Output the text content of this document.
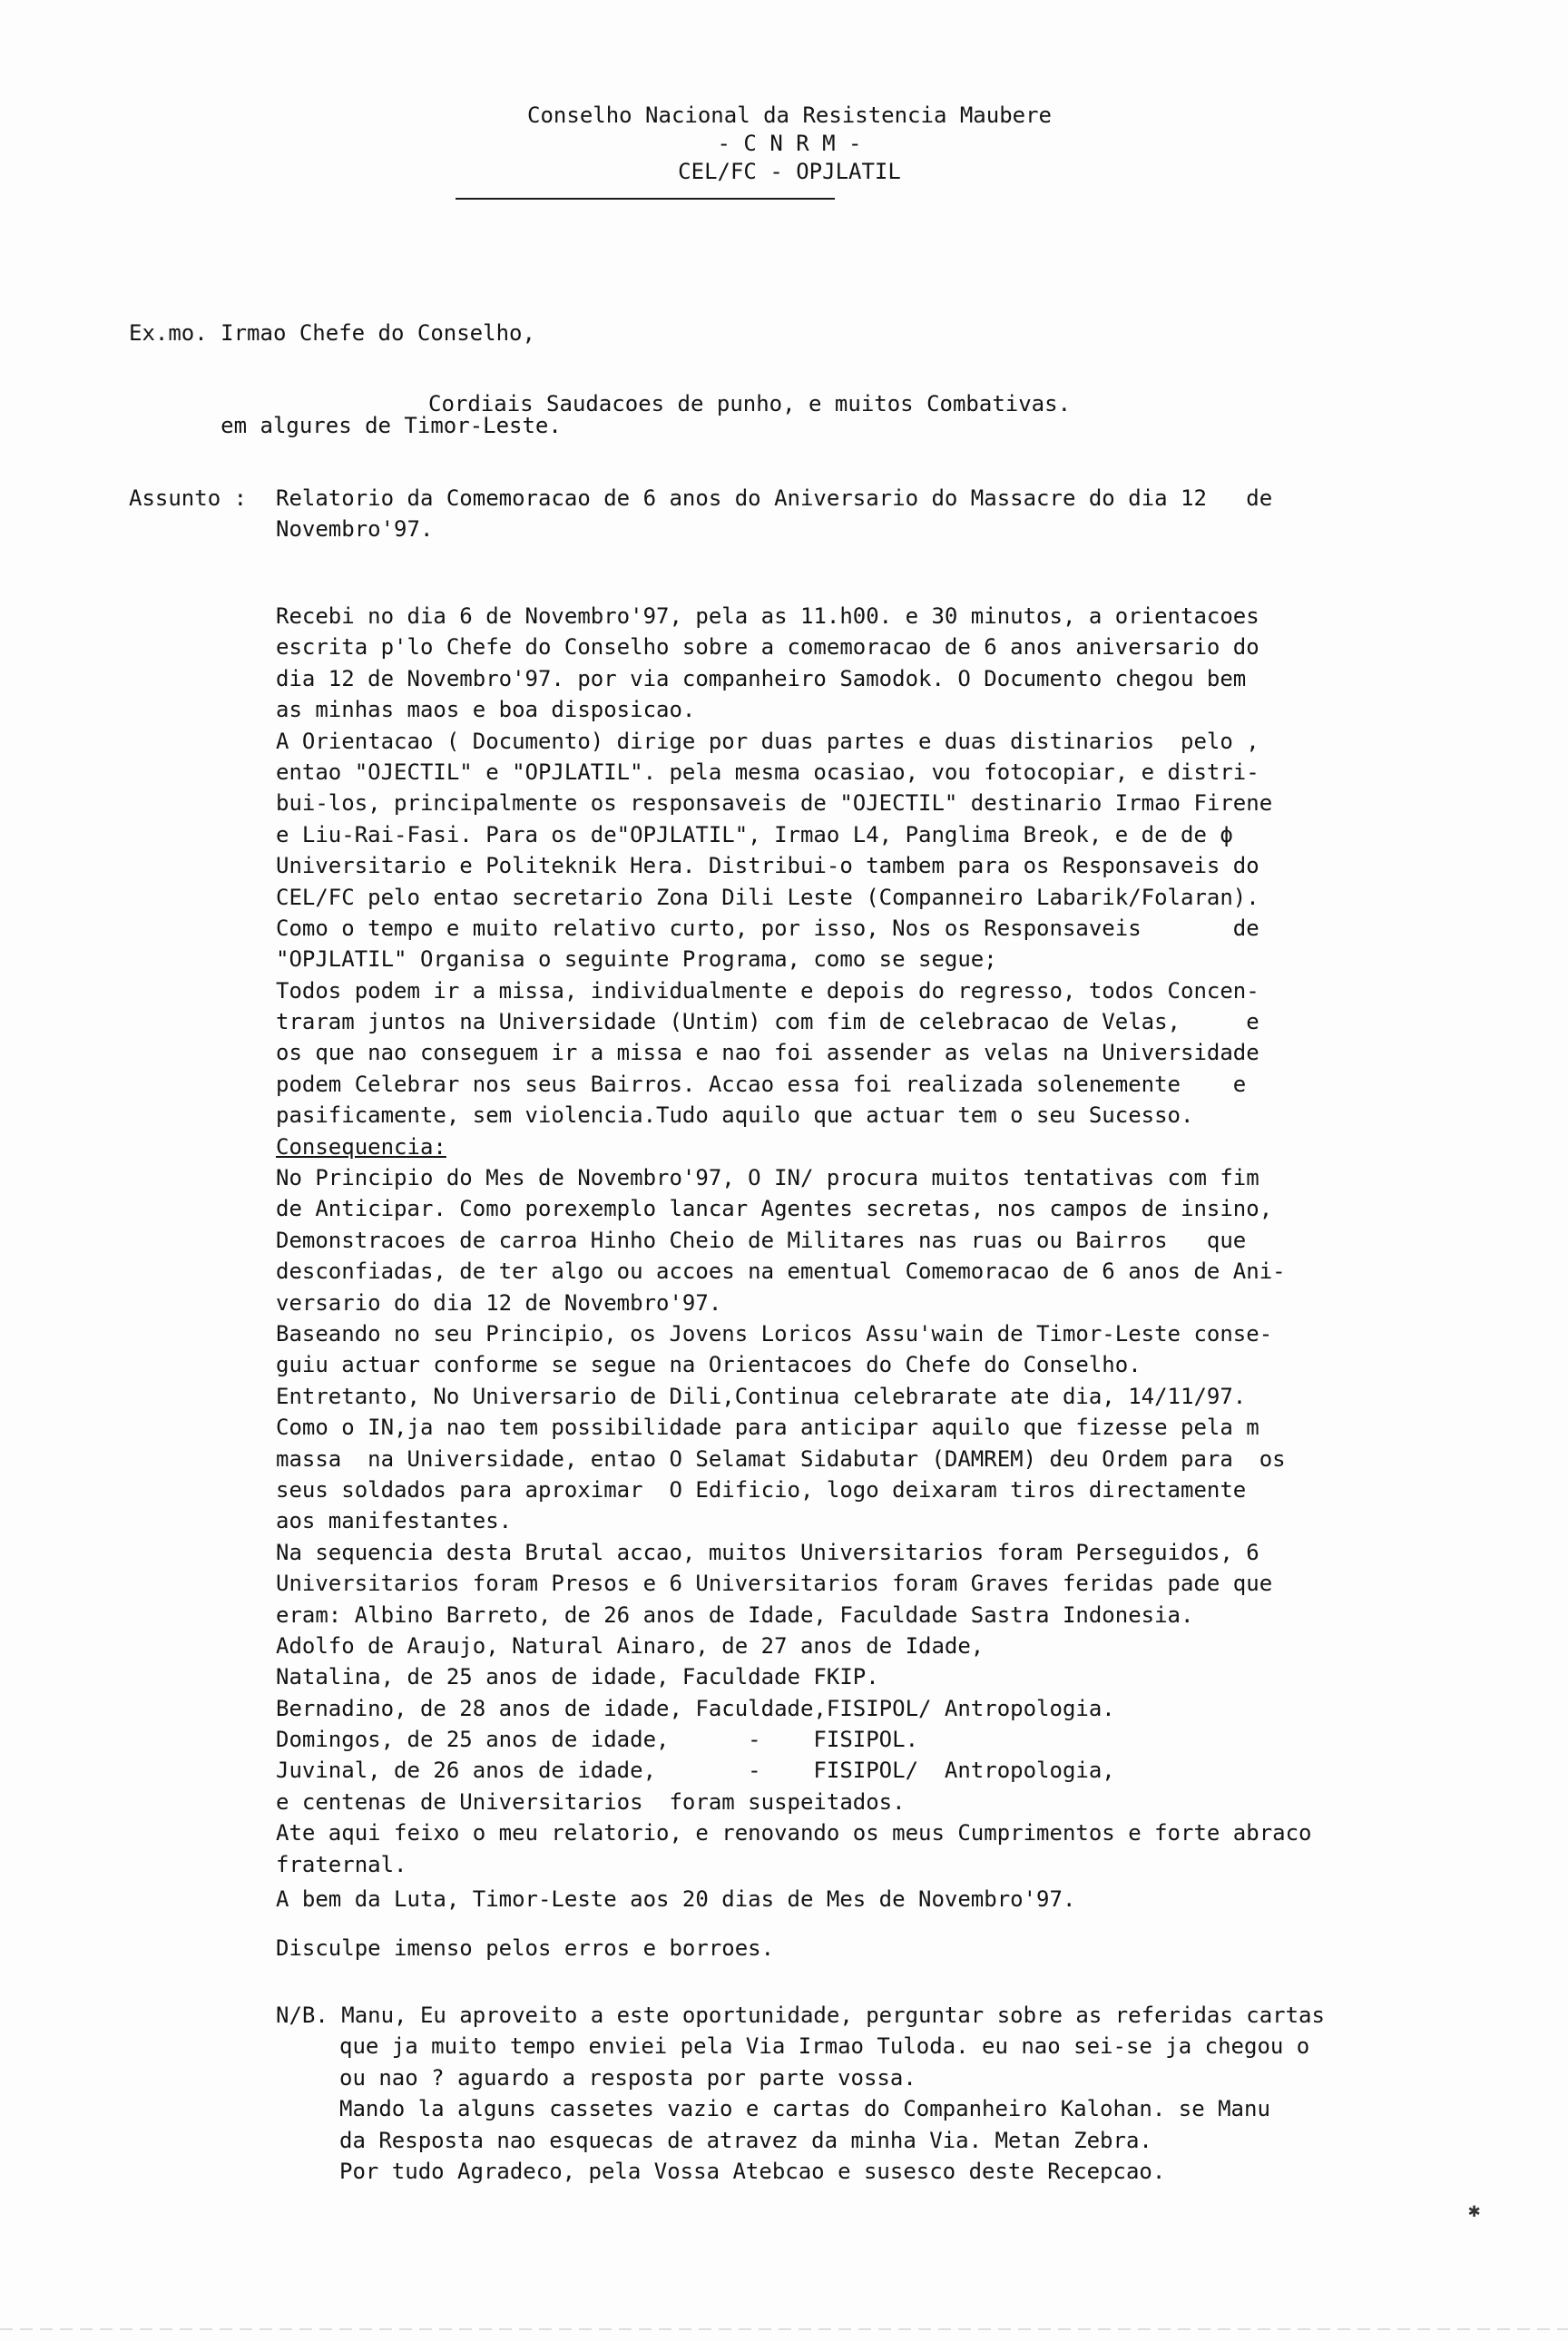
Conselho Nacional da Resistencia Maubere
- C N R M -
CEL/FC - OPJLATIL

Ex.mo. Irmao Chefe do Conselho,

em algures de Timor-Leste.

Cordiais Saudacoes de punho, e muitos Combativas.
Assunto : Relatorio da Comemoracao de 6 anos do Aniversario do Massacre do dia 12   de
Novembro'97.
Recebi no dia 6 de Novembro'97, pela as 11.h00. e 30 minutos, a orientacoes
escrita p'lo Chefe do Conselho sobre a comemoracao de 6 anos aniversario do
dia 12 de Novembro'97. por via companheiro Samodok. O Documento chegou bem
as minhas maos e boa disposicao.
A Orientacao ( Documento) dirige por duas partes e duas distinarios  pelo ,
entao "OJECTIL" e "OPJLATIL". pela mesma ocasiao, vou fotocopiar, e distri-
bui-los, principalmente os responsaveis de "OJECTIL" destinario Irmao Firene
e Liu-Rai-Fasi. Para os de"OPJLATIL", Irmao L4, Panglima Breok, e de de ϕ
Universitario e Politeknik Hera. Distribui-o tambem para os Responsaveis do
CEL/FC pelo entao secretario Zona Dili Leste (Companneiro Labarik/Folaran).
Como o tempo e muito relativo curto, por isso, Nos os Responsaveis       de
"OPJLATIL" Organisa o seguinte Programa, como se segue;
Todos podem ir a missa, individualmente e depois do regresso, todos Concen-
traram juntos na Universidade (Untim) com fim de celebracao de Velas,     e
os que nao conseguem ir a missa e nao foi assender as velas na Universidade
podem Celebrar nos seus Bairros. Accao essa foi realizada solenemente    e
pasificamente, sem violencia.Tudo aquilo que actuar tem o seu Sucesso.
Consequencia:
No Principio do Mes de Novembro'97, O IN/ procura muitos tentativas com fim
de Anticipar. Como porexemplo lancar Agentes secretas, nos campos de insino,
Demonstracoes de carroa Hinho Cheio de Militares nas ruas ou Bairros   que
desconfiadas, de ter algo ou accoes na ementual Comemoracao de 6 anos de Ani-
versario do dia 12 de Novembro'97.
Baseando no seu Principio, os Jovens Loricos Assu'wain de Timor-Leste conse-
guiu actuar conforme se segue na Orientacoes do Chefe do Conselho.
Entretanto, No Universario de Dili,Continua celebrarate ate dia, 14/11/97.
Como o IN,ja nao tem possibilidade para anticipar aquilo que fizesse pela m
massa  na Universidade, entao O Selamat Sidabutar (DAMREM) deu Ordem para  os
seus soldados para aproximar  O Edificio, logo deixaram tiros directamente
aos manifestantes.
Na sequencia desta Brutal accao, muitos Universitarios foram Perseguidos, 6
Universitarios foram Presos e 6 Universitarios foram Graves feridas pade que
eram: Albino Barreto, de 26 anos de Idade, Faculdade Sastra Indonesia.
Adolfo de Araujo, Natural Ainaro, de 27 anos de Idade,
Natalina, de 25 anos de idade, Faculdade FKIP.
Bernadino, de 28 anos de idade, Faculdade,FISIPOL/ Antropologia.
Domingos, de 25 anos de idade,      -    FISIPOL.
Juvinal, de 26 anos de idade,       -    FISIPOL/  Antropologia,
e centenas de Universitarios  foram suspeitados.
Ate aqui feixo o meu relatorio, e renovando os meus Cumprimentos e forte abraco
fraternal.
A bem da Luta, Timor-Leste aos 20 dias de Mes de Novembro'97.
Disculpe imenso pelos erros e borroes.
N/B. Manu, Eu aproveito a este oportunidade, perguntar sobre as referidas cartas
que ja muito tempo enviei pela Via Irmao Tuloda. eu nao sei-se ja chegou o
ou nao ? aguardo a resposta por parte vossa.
Mando la alguns cassetes vazio e cartas do Companheiro Kalohan. se Manu
da Resposta nao esquecas de atravez da minha Via. Metan Zebra.
Por tudo Agradeco, pela Vossa Atebcao e susesco deste Recepcao.
✱
